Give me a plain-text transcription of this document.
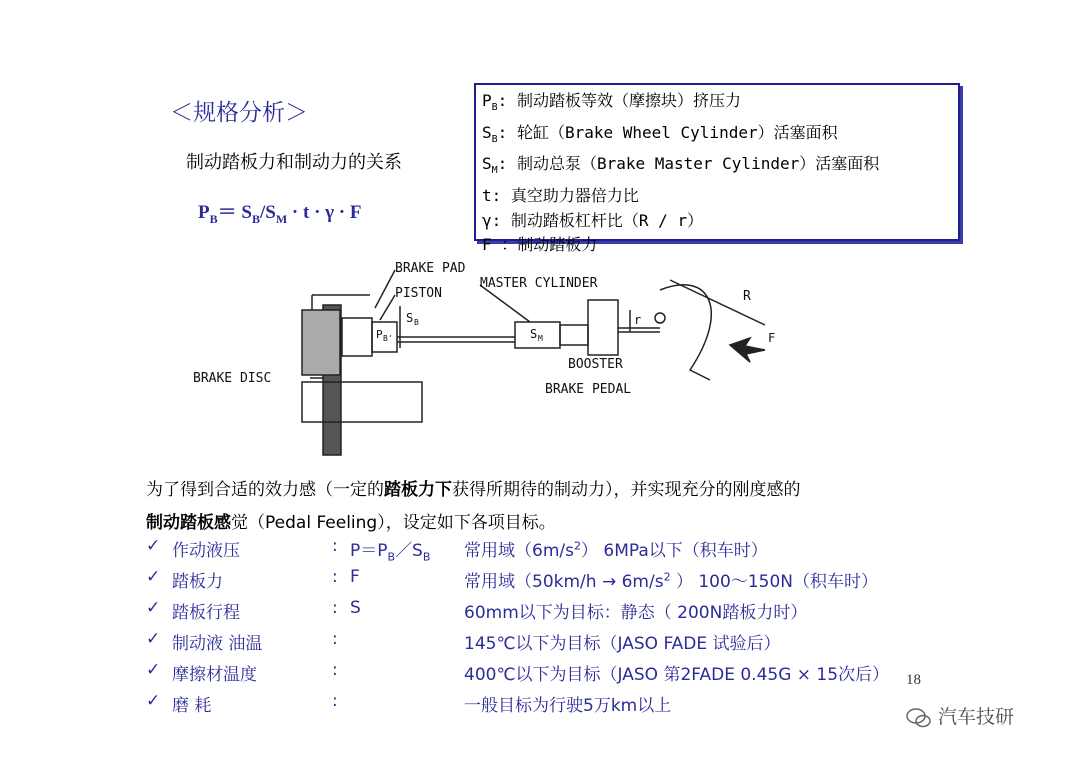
＜规格分析＞
制动踏板力和制动力的关系
$P_B= S_B/S_M \cdot t \cdot \gamma \cdot F$
$P_B$: 制动踏板等效（摩擦块）挤压力
$S_B$: 轮缸（Brake Wheel Cylinder）活塞面积
$S_M$: 制动总泵（Brake Master Cylinder）活塞面积
t: 真空助力器倍力比
γ: 制动踏板杠杆比（R / r）
F ：制动踏板力
BRAKE PAD
PISTON
MASTER CYLINDER
BOOSTER
BRAKE PEDAL
BRAKE DISC
S B
S M
P B'
r
R
F
为了得到合适的效力感（一定的踏板力下获得所期待的制动力），并实现充分的刚度感的
制动踏板感觉（Pedal Feeling），设定如下各项目标。
✓ 作动液压	: $P=P_B/S_B$ 常用域$(6m/s^2)$ 6MPa以下（积车时）
✓ 踏板力	: F	常用域（$50km/h \to 6m/s^2$ ） 100～150N（积车时）
✓ 踏板行程	: S	60mm以下为目标：静态（ 200N踏板力时）
✓ 制动液 油温	:	145℃以下为目标（JASO FADE 试验后）
✓ 摩擦材温度	:	400℃以下为目标（JASO 第2FADE 0.45G × 15次后）
✓ 磨 耗	:	一般目标为行驶5万km以上
18
汽车技研
